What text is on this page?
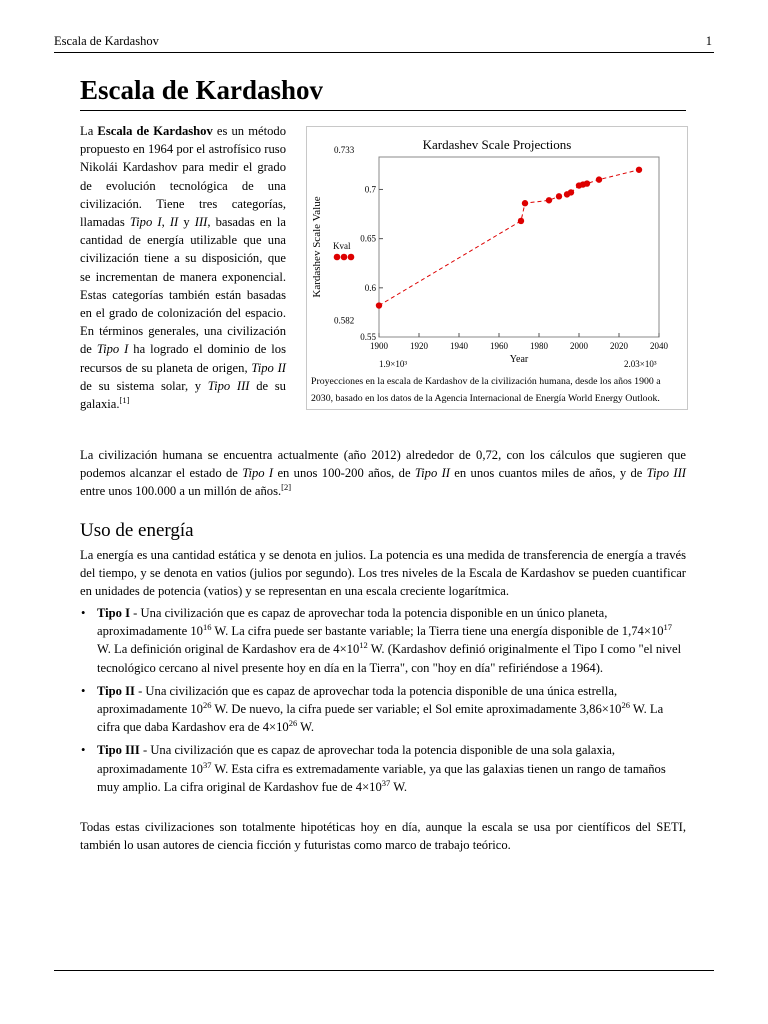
Escala de Kardashov	1
Escala de Kardashov
La Escala de Kardashov es un método propuesto en 1964 por el astrofísico ruso Nikolái Kardashov para medir el grado de evolución tecnológica de una civilización. Tiene tres categorías, llamadas Tipo I, II y III, basadas en la cantidad de energía utilizable que una civilización tiene a su disposición, que se incrementan de manera exponencial. Estas categorías también están basadas en el grado de colonización del espacio. En términos generales, una civilización de Tipo I ha logrado el dominio de los recursos de su planeta de origen, Tipo II de su sistema solar, y Tipo III de su galaxia.[1]
Kardashev Scale Projections
1900 1920 1940 1960 1980 2000 2020 2040
0.6
0.65
0.7
0.55
0.733
0.582
1.9×10³	2.03×10³
Year
Kardashev Scale Value Kval
Proyecciones en la escala de Kardashov de la civilización humana, desde los años 1900 a 2030, basado en los datos de la Agencia Internacional de Energía World Energy Outlook.
La civilización humana se encuentra actualmente (año 2012) alrededor de 0,72, con los cálculos que sugieren que podemos alcanzar el estado de Tipo I en unos 100-200 años, de Tipo II en unos cuantos miles de años, y de Tipo III entre unos 100.000 a un millón de años.[2]
Uso de energía
La energía es una cantidad estática y se denota en julios. La potencia es una medida de transferencia de energía a través del tiempo, y se denota en vatios (julios por segundo). Los tres niveles de la Escala de Kardashov se pueden cuantificar en unidades de potencia (vatios) y se representan en una escala creciente logarítmica.
• Tipo I - Una civilización que es capaz de aprovechar toda la potencia disponible en un único planeta, aproximadamente $10^{16}$ W. La cifra puede ser bastante variable; la Tierra tiene una energía disponible de $1,74\times 10^{17}$ W. La definición original de Kardashov era de $4\times 10^{12}$ W. (Kardashov definió originalmente el Tipo I como "el nivel tecnológico cercano al nivel presente hoy en día en la Tierra", con "hoy en día" refiriéndose a 1964).
• Tipo II - Una civilización que es capaz de aprovechar toda la potencia disponible de una única estrella, aproximadamente $10^{26}$ W. De nuevo, la cifra puede ser variable; el Sol emite aproximadamente $3,86\times 10^{26}$ W. La cifra que daba Kardashov era de $4\times 10^{26}$ W.
• Tipo III - Una civilización que es capaz de aprovechar toda la potencia disponible de una sola galaxia, aproximadamente $10^{37}$ W. Esta cifra es extremadamente variable, ya que las galaxias tienen un rango de tamaños muy amplio. La cifra original de Kardashov fue de $4\times 10^{37}$ W.
Todas estas civilizaciones son totalmente hipotéticas hoy en día, aunque la escala se usa por científicos del SETI, también lo usan autores de ciencia ficción y futuristas como marco de trabajo teórico.
